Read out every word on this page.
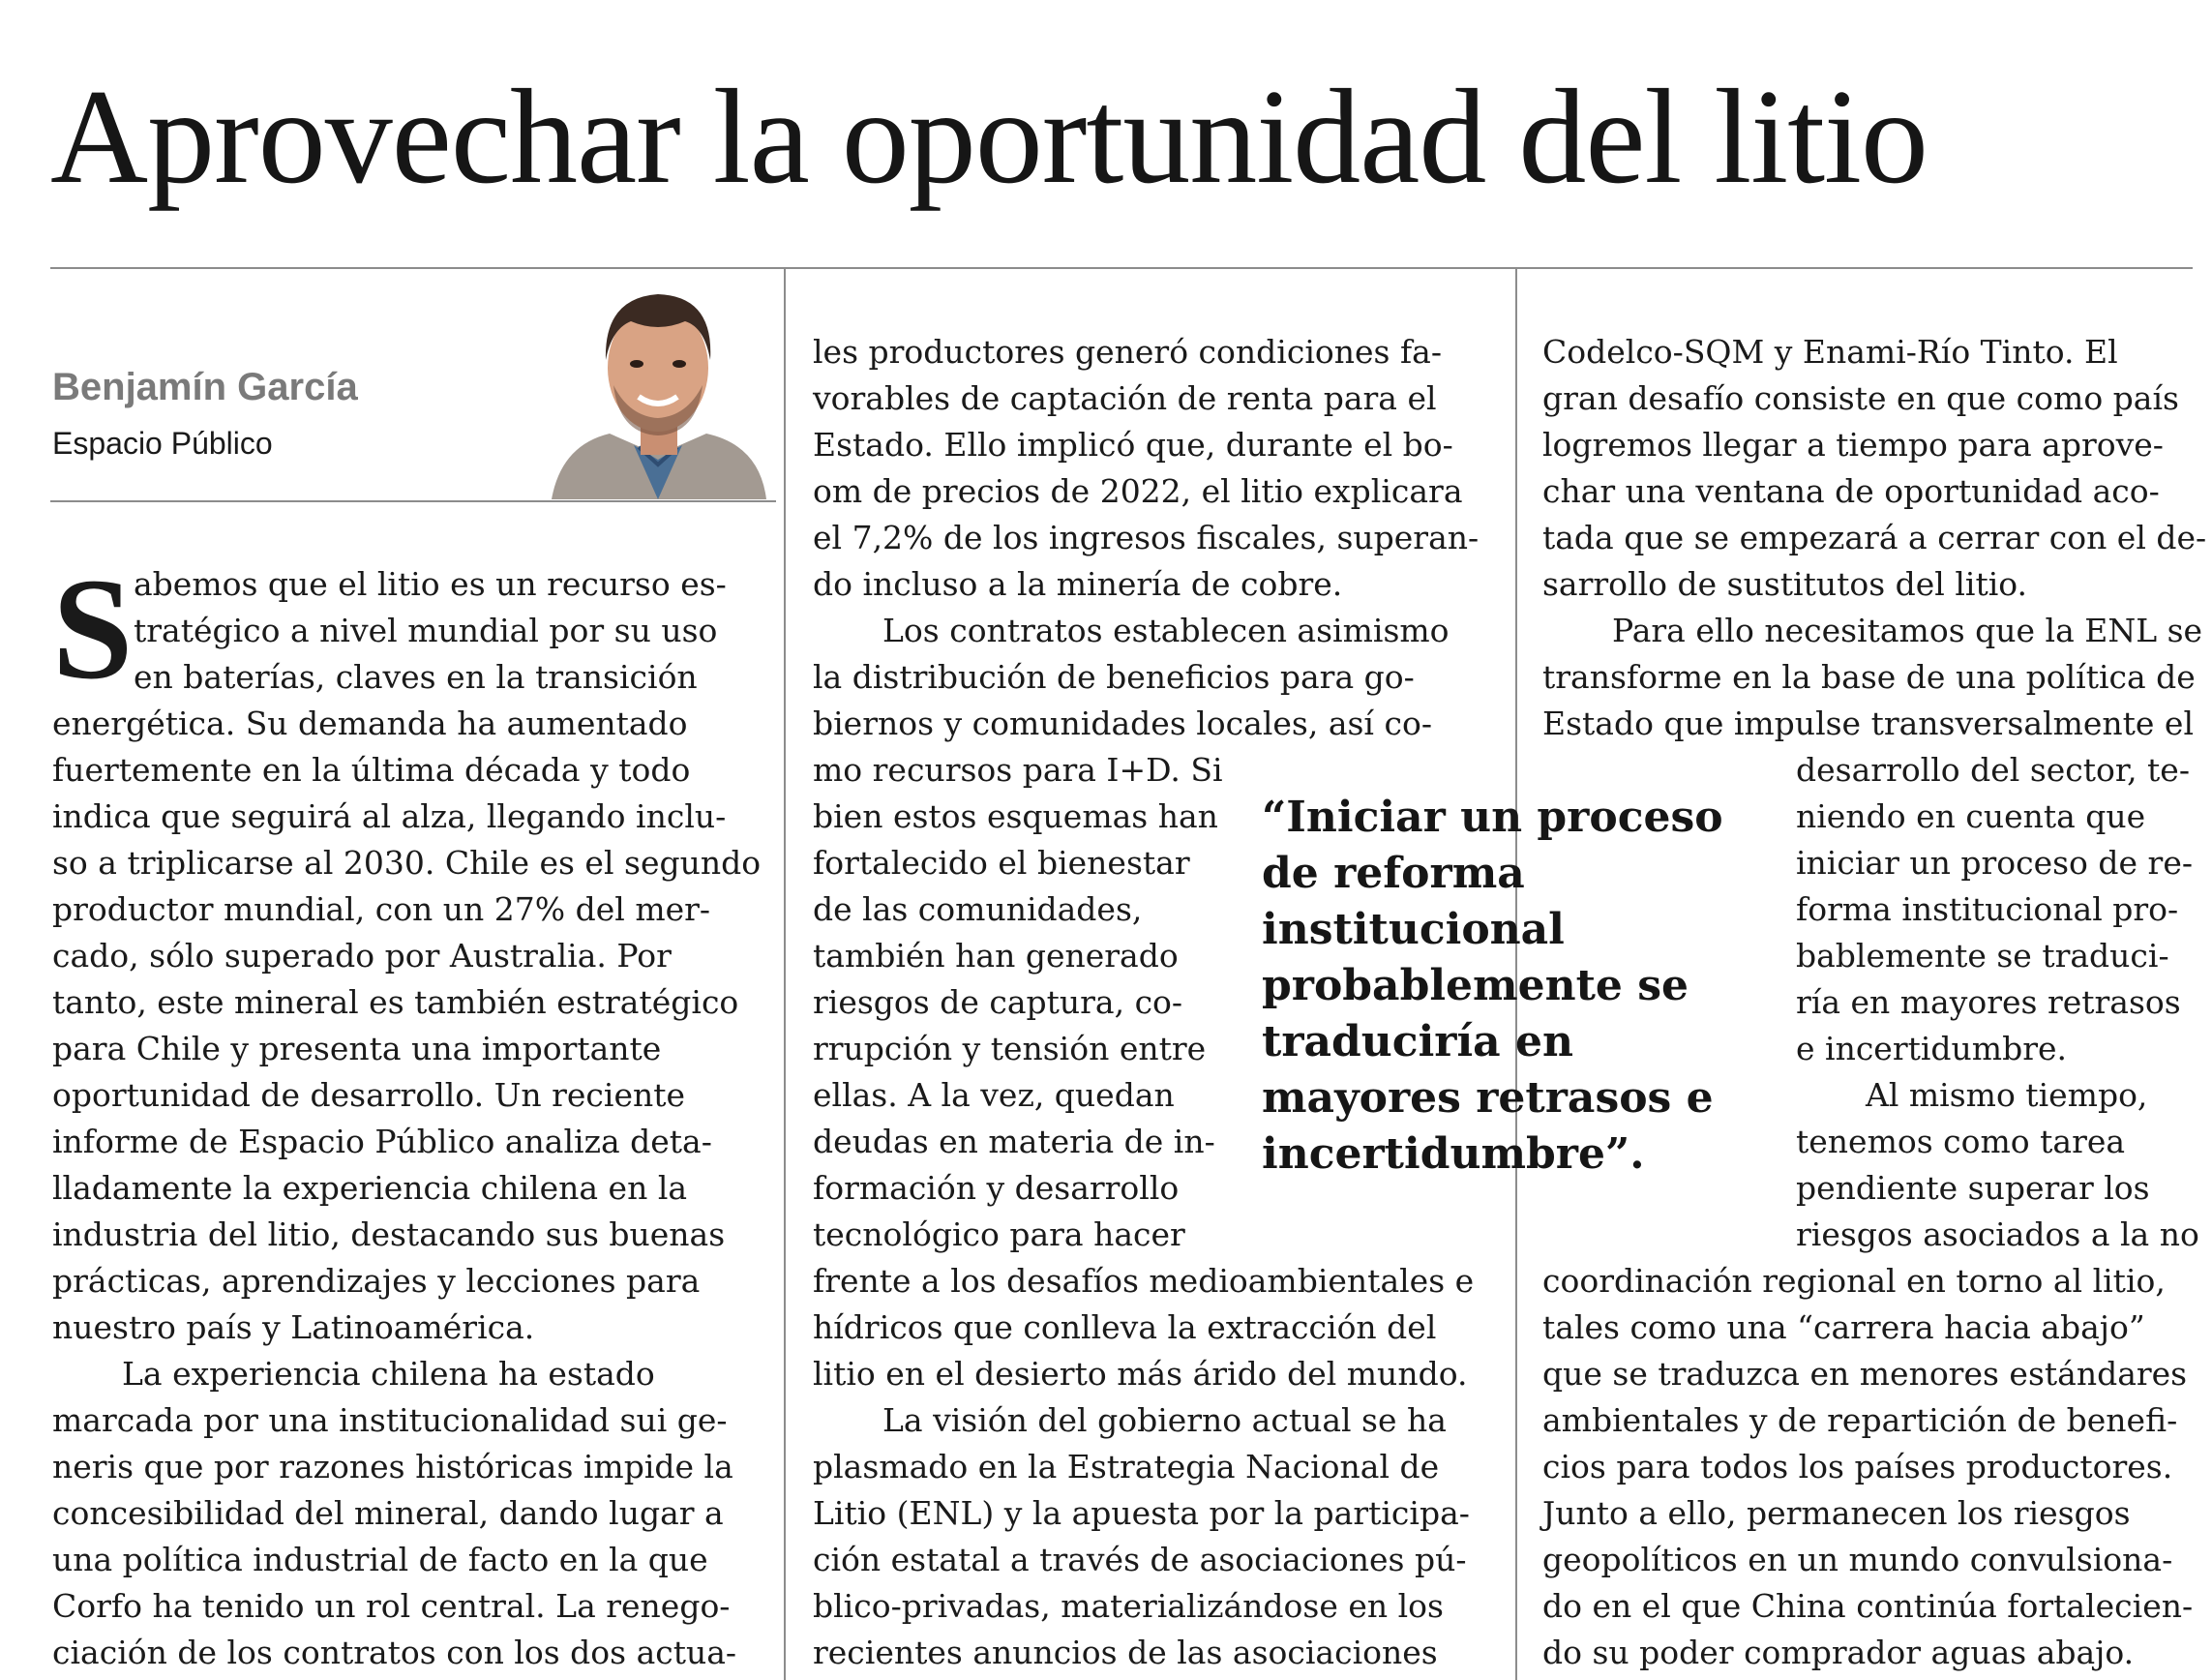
Aprovechar la oportunidad del litio

Benjamín García

Espacio Público

S abemos que el litio es un recurso es-
tratégico a nivel mundial por su uso
en baterías, claves en la transición
energética. Su demanda ha aumentado
fuertemente en la última década y todo
indica que seguirá al alza, llegando inclu-
so a triplicarse al 2030. Chile es el segundo
productor mundial, con un 27% del mer-
cado, sólo superado por Australia. Por
tanto, este mineral es también estratégico
para Chile y presenta una importante
oportunidad de desarrollo. Un reciente
informe de Espacio Público analiza deta-
lladamente la experiencia chilena en la
industria del litio, destacando sus buenas
prácticas, aprendizajes y lecciones para
nuestro país y Latinoamérica.
La experiencia chilena ha estado
marcada por una institucionalidad sui ge-
neris que por razones históricas impide la
concesibilidad del mineral, dando lugar a
una política industrial de facto en la que
Corfo ha tenido un rol central. La renego-
ciación de los contratos con los dos actua-
les productores generó condiciones fa-
vorables de captación de renta para el
Estado. Ello implicó que, durante el bo-
om de precios de 2022, el litio explicara
el 7,2% de los ingresos fiscales, superan-
do incluso a la minería de cobre.
Los contratos establecen asimismo
la distribución de beneficios para go-
biernos y comunidades locales, así co-
mo recursos para I+D. Si
bien estos esquemas han
fortalecido el bienestar
de las comunidades,
también han generado
riesgos de captura, co-
rrupción y tensión entre
ellas. A la vez, quedan
deudas en materia de in-
formación y desarrollo
tecnológico para hacer
frente a los desafíos medioambientales e
hídricos que conlleva la extracción del
litio en el desierto más árido del mundo.
La visión del gobierno actual se ha
plasmado en la Estrategia Nacional de
Litio (ENL) y la apuesta por la participa-
ción estatal a través de asociaciones pú-
blico-privadas, materializándose en los
recientes anuncios de las asociaciones
“Iniciar un proceso
de reforma
institucional
probablemente se
traduciría en
mayores retrasos e
incertidumbre”.
Codelco-SQM y Enami-Río Tinto. El
gran desafío consiste en que como país
logremos llegar a tiempo para aprove-
char una ventana de oportunidad aco-
tada que se empezará a cerrar con el de-
sarrollo de sustitutos del litio.
Para ello necesitamos que la ENL se
transforme en la base de una política de
Estado que impulse transversalmente el
desarrollo del sector, te-
niendo en cuenta que
iniciar un proceso de re-
forma institucional pro-
bablemente se traduci-
ría en mayores retrasos
e incertidumbre.
Al mismo tiempo,
tenemos como tarea
pendiente superar los
riesgos asociados a la no
coordinación regional en torno al litio,
tales como una “carrera hacia abajo”
que se traduzca en menores estándares
ambientales y de repartición de benefi-
cios para todos los países productores.
Junto a ello, permanecen los riesgos
geopolíticos en un mundo convulsiona-
do en el que China continúa fortalecien-
do su poder comprador aguas abajo.
